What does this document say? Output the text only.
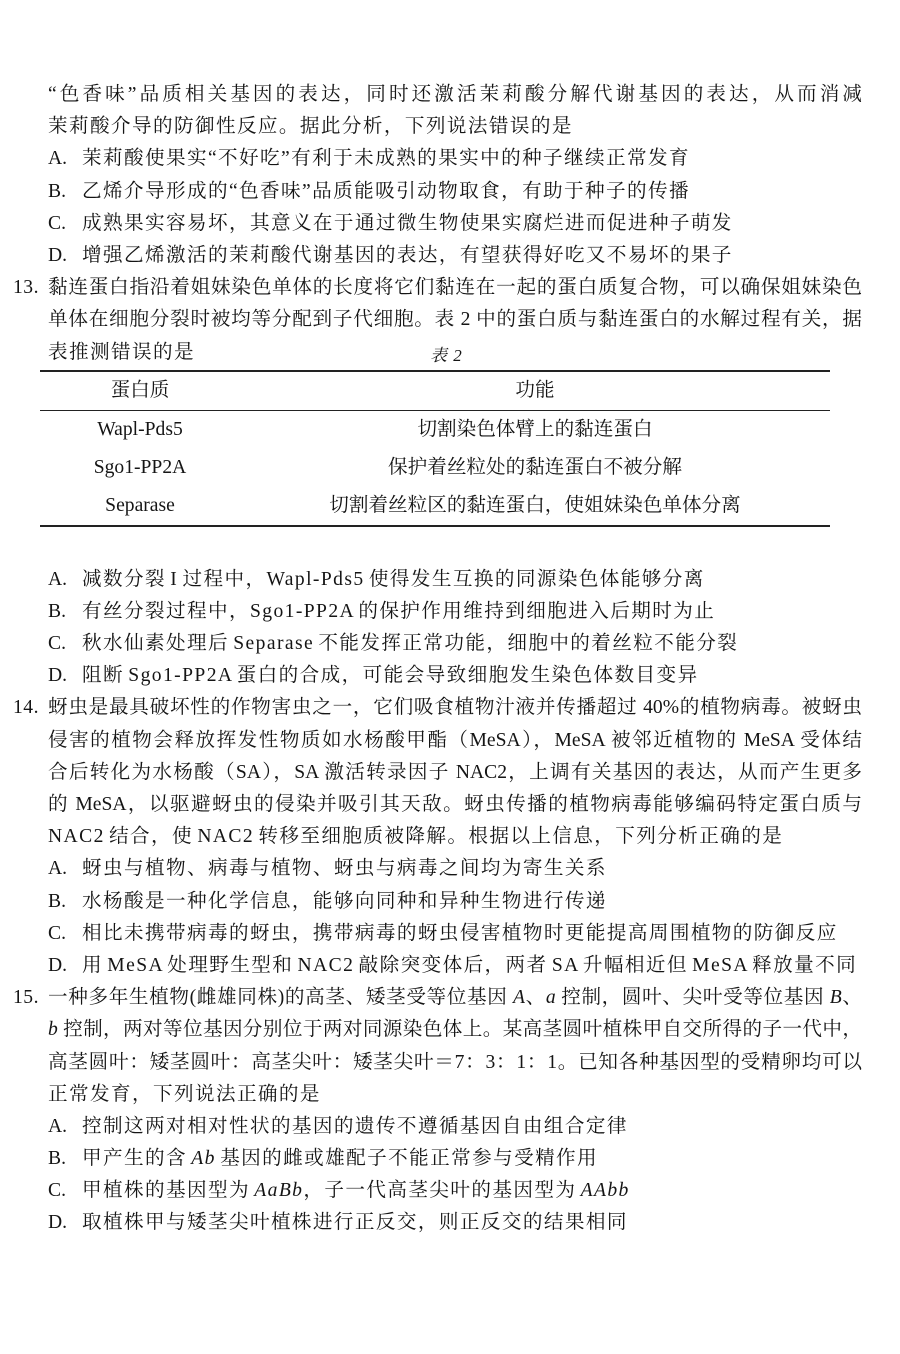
“色香味”品质相关基因的表达，同时还激活茉莉酸分解代谢基因的表达，从而消减
茉莉酸介导的防御性反应。据此分析，下列说法错误的是
A. 茉莉酸使果实“不好吃”有利于未成熟的果实中的种子继续正常发育
B. 乙烯介导形成的“色香味”品质能吸引动物取食，有助于种子的传播
C. 成熟果实容易坏，其意义在于通过微生物使果实腐烂进而促进种子萌发
D. 增强乙烯激活的茉莉酸代谢基因的表达，有望获得好吃又不易坏的果子
13. 黏连蛋白指沿着姐妹染色单体的长度将它们黏连在一起的蛋白质复合物，可以确保姐妹染色
单体在细胞分裂时被均等分配到子代细胞。表 2 中的蛋白质与黏连蛋白的水解过程有关，据
表推测错误的是	表 2
蛋白质	功能
Wapl-Pds5	切割染色体臂上的黏连蛋白
Sgo1-PP2A	保护着丝粒处的黏连蛋白不被分解
Separase	切割着丝粒区的黏连蛋白，使姐妹染色单体分离
A. 减数分裂 I 过程中，Wapl-Pds5 使得发生互换的同源染色体能够分离
B. 有丝分裂过程中，Sgo1-PP2A 的保护作用维持到细胞进入后期时为止
C. 秋水仙素处理后 Separase 不能发挥正常功能，细胞中的着丝粒不能分裂
D. 阻断 Sgo1-PP2A 蛋白的合成，可能会导致细胞发生染色体数目变异
14. 蚜虫是最具破坏性的作物害虫之一，它们吸食植物汁液并传播超过 40%的植物病毒。被蚜虫
侵害的植物会释放挥发性物质如水杨酸甲酯（MeSA），MeSA 被邻近植物的 MeSA 受体结
合后转化为水杨酸（SA），SA 激活转录因子 NAC2，上调有关基因的表达，从而产生更多
的 MeSA，以驱避蚜虫的侵染并吸引其天敌。蚜虫传播的植物病毒能够编码特定蛋白质与
NAC2 结合，使 NAC2 转移至细胞质被降解。根据以上信息，下列分析正确的是
A. 蚜虫与植物、病毒与植物、蚜虫与病毒之间均为寄生关系
B. 水杨酸是一种化学信息，能够向同种和异种生物进行传递
C. 相比未携带病毒的蚜虫，携带病毒的蚜虫侵害植物时更能提高周围植物的防御反应
D. 用 MeSA 处理野生型和 NAC2 敲除突变体后，两者 SA 升幅相近但 MeSA 释放量不同
15. 一种多年生植物(雌雄同株)的高茎、矮茎受等位基因 A、a 控制，圆叶、尖叶受等位基因 B、
b 控制，两对等位基因分别位于两对同源染色体上。某高茎圆叶植株甲自交所得的子一代中，
高茎圆叶：矮茎圆叶：高茎尖叶：矮茎尖叶＝7：3：1：1。已知各种基因型的受精卵均可以
正常发育，下列说法正确的是
A. 控制这两对相对性状的基因的遗传不遵循基因自由组合定律
B. 甲产生的含 Ab 基因的雌或雄配子不能正常参与受精作用
C. 甲植株的基因型为 AaBb，子一代高茎尖叶的基因型为 AAbb
D. 取植株甲与矮茎尖叶植株进行正反交，则正反交的结果相同
